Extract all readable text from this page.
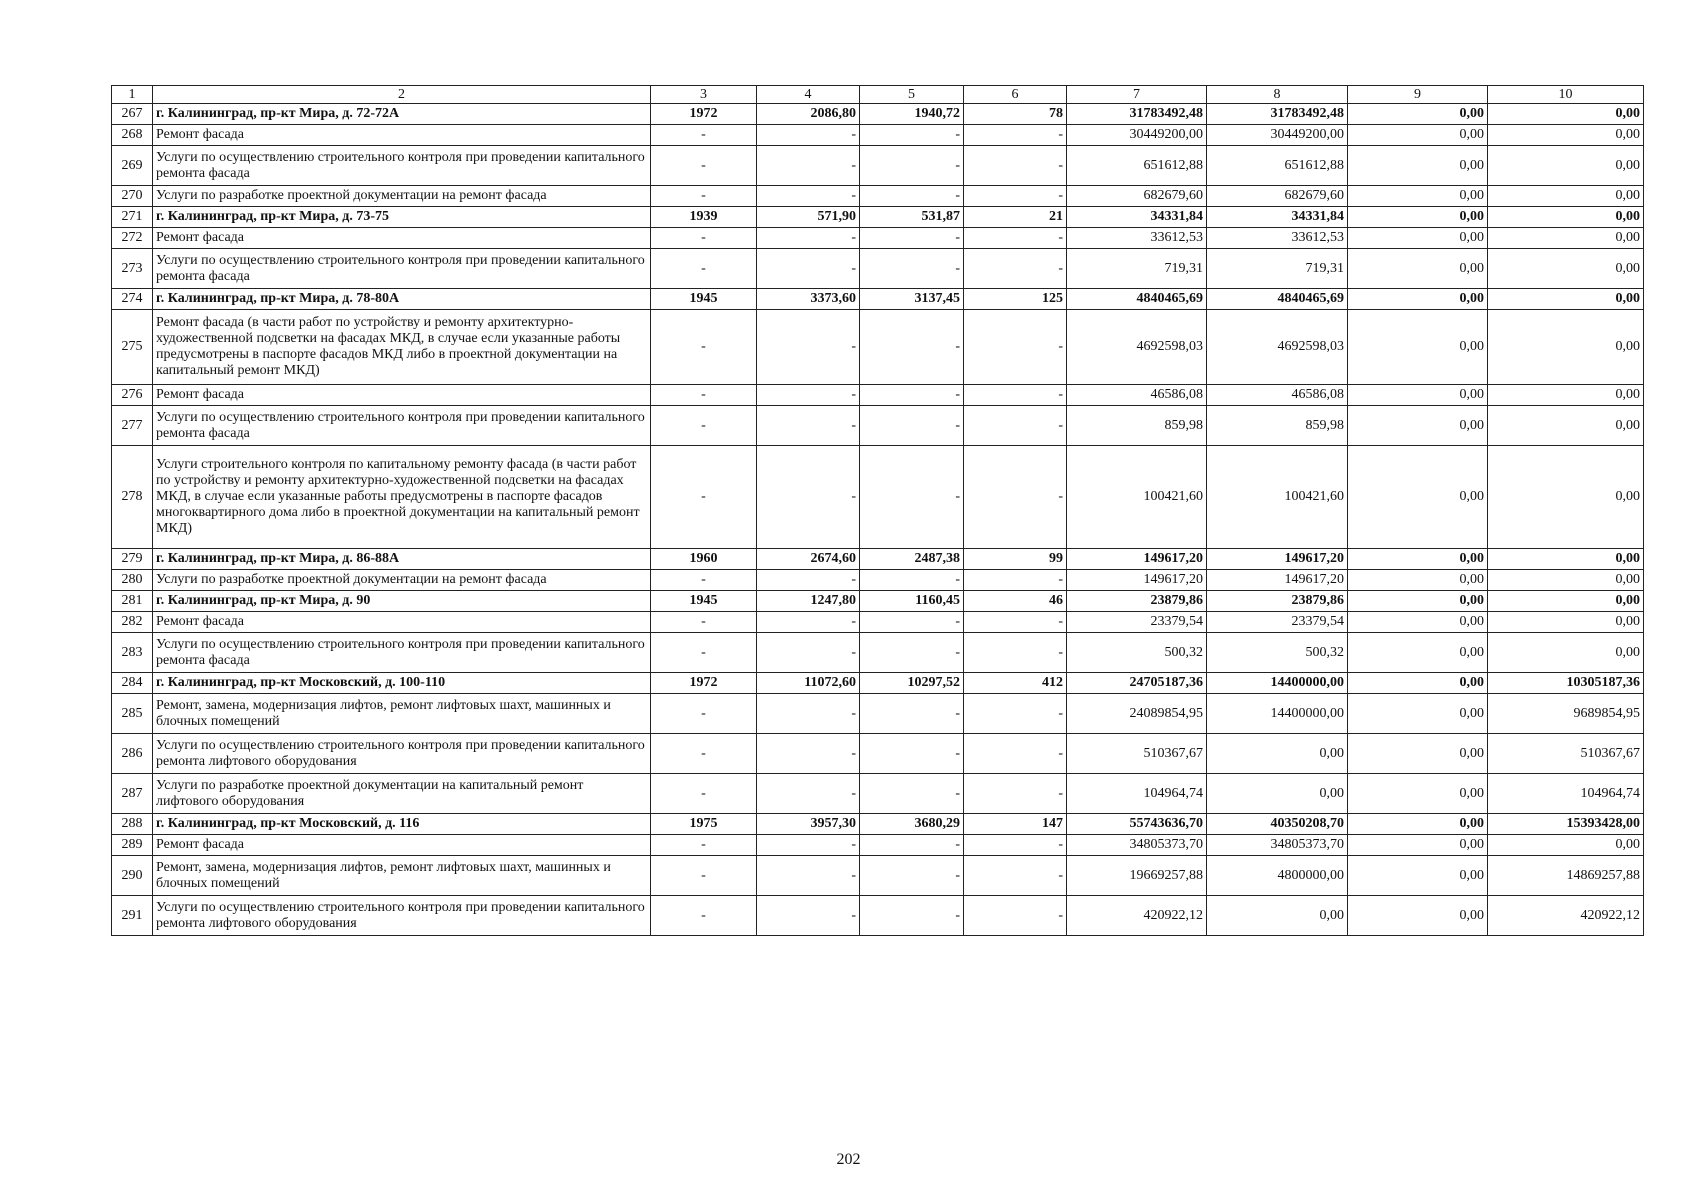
1	2	3	4	5	6	7	8	9	10
267	г. Калининград, пр-кт Мира, д. 72-72А	1972	2086,80	1940,72	78	31783492,48	31783492,48	0,00	0,00
268	Ремонт фасада	-	-	-	-	30449200,00	30449200,00	0,00	0,00
269	Услуги по осуществлению строительного контроля при проведении капитального ремонта фасада	-	-	-	-	651612,88	651612,88	0,00	0,00
270	Услуги по разработке проектной документации на ремонт фасада	-	-	-	-	682679,60	682679,60	0,00	0,00
271	г. Калининград, пр-кт Мира, д. 73-75	1939	571,90	531,87	21	34331,84	34331,84	0,00	0,00
272	Ремонт фасада	-	-	-	-	33612,53	33612,53	0,00	0,00
273	Услуги по осуществлению строительного контроля при проведении капитального ремонта фасада	-	-	-	-	719,31	719,31	0,00	0,00
274	г. Калининград, пр-кт Мира, д. 78-80А	1945	3373,60	3137,45	125	4840465,69	4840465,69	0,00	0,00
275	Ремонт фасада (в части работ по устройству и ремонту архитектурно-художественной подсветки на фасадах МКД, в случае если указанные работы предусмотрены в паспорте фасадов МКД либо в проектной документации на капитальный ремонт МКД)	-	-	-	-	4692598,03	4692598,03	0,00	0,00
276	Ремонт фасада	-	-	-	-	46586,08	46586,08	0,00	0,00
277	Услуги по осуществлению строительного контроля при проведении капитального ремонта фасада	-	-	-	-	859,98	859,98	0,00	0,00
278	Услуги строительного контроля по капитальному ремонту фасада (в части работ по устройству и ремонту архитектурно-художественной подсветки на фасадах МКД, в случае если указанные работы предусмотрены в паспорте фасадов многоквартирного дома либо в проектной документации на капитальный ремонт МКД)	-	-	-	-	100421,60	100421,60	0,00	0,00
279	г. Калининград, пр-кт Мира, д. 86-88А	1960	2674,60	2487,38	99	149617,20	149617,20	0,00	0,00
280	Услуги по разработке проектной документации на ремонт фасада	-	-	-	-	149617,20	149617,20	0,00	0,00
281	г. Калининград, пр-кт Мира, д. 90	1945	1247,80	1160,45	46	23879,86	23879,86	0,00	0,00
282	Ремонт фасада	-	-	-	-	23379,54	23379,54	0,00	0,00
283	Услуги по осуществлению строительного контроля при проведении капитального ремонта фасада	-	-	-	-	500,32	500,32	0,00	0,00
284	г. Калининград, пр-кт Московский, д. 100-110	1972	11072,60	10297,52	412	24705187,36	14400000,00	0,00	10305187,36
285	Ремонт, замена, модернизация лифтов, ремонт лифтовых шахт, машинных и блочных помещений	-	-	-	-	24089854,95	14400000,00	0,00	9689854,95
286	Услуги по осуществлению строительного контроля при проведении капитального ремонта лифтового оборудования	-	-	-	-	510367,67	0,00	0,00	510367,67
287	Услуги по разработке проектной документации на капитальный ремонт лифтового оборудования	-	-	-	-	104964,74	0,00	0,00	104964,74
288	г. Калининград, пр-кт Московский, д. 116	1975	3957,30	3680,29	147	55743636,70	40350208,70	0,00	15393428,00
289	Ремонт фасада	-	-	-	-	34805373,70	34805373,70	0,00	0,00
290	Ремонт, замена, модернизация лифтов, ремонт лифтовых шахт, машинных и блочных помещений	-	-	-	-	19669257,88	4800000,00	0,00	14869257,88
291	Услуги по осуществлению строительного контроля при проведении капитального ремонта лифтового оборудования	-	-	-	-	420922,12	0,00	0,00	420922,12
202
